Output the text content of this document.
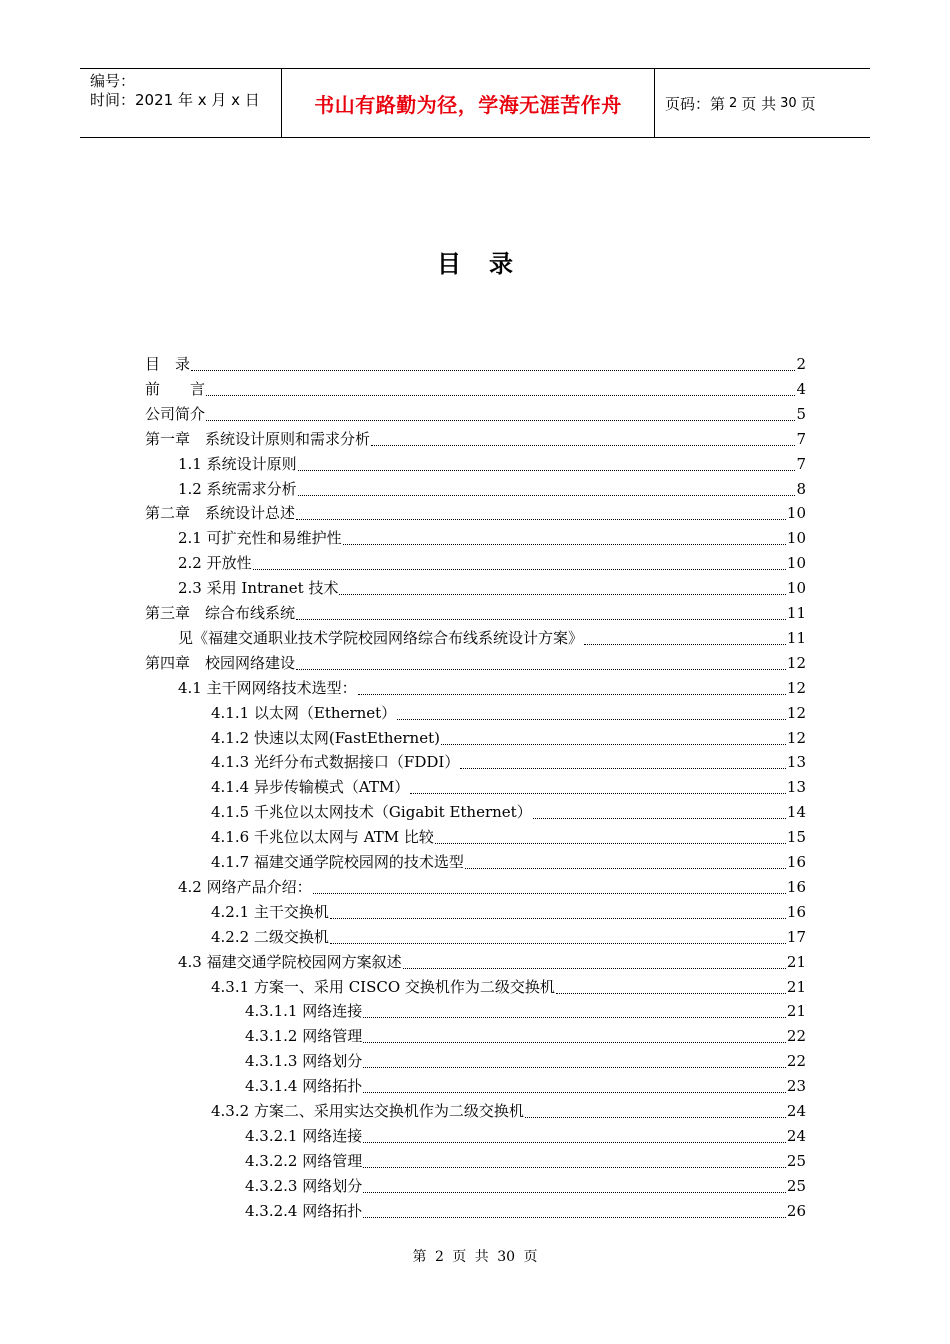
编号：
时间：2021 年 x 月 x 日	书山有路勤为径，学海无涯苦作舟	页码：第 2 页 共 30 页
目录
目　录	2
前　　言	4
公司简介	5
第一章　系统设计原则和需求分析	7
1.1 系统设计原则	7
1.2 系统需求分析	8
第二章　系统设计总述	10
2.1 可扩充性和易维护性	10
2.2 开放性	10
2.3 采用 Intranet 技术	10
第三章　综合布线系统	11
见《福建交通职业技术学院校园网络综合布线系统设计方案》	11
第四章　校园网络建设	12
4.1 主干网网络技术选型：	12
4.1.1 以太网（Ethernet）	12
4.1.2 快速以太网(FastEthernet)	12
4.1.3 光纤分布式数据接口（FDDI）	13
4.1.4 异步传输模式（ATM）	13
4.1.5 千兆位以太网技术（Gigabit Ethernet）	14
4.1.6 千兆位以太网与 ATM 比较	15
4.1.7 福建交通学院校园网的技术选型	16
4.2 网络产品介绍：	16
4.2.1 主干交换机	16
4.2.2 二级交换机	17
4.3 福建交通学院校园网方案叙述	21
4.3.1 方案一、采用 CISCO 交换机作为二级交换机	21
4.3.1.1 网络连接	21
4.3.1.2 网络管理	22
4.3.1.3 网络划分	22
4.3.1.4 网络拓扑	23
4.3.2 方案二、采用实达交换机作为二级交换机	24
4.3.2.1 网络连接	24
4.3.2.2 网络管理	25
4.3.2.3 网络划分	25
4.3.2.4 网络拓扑	26
第 2 页 共 30 页
